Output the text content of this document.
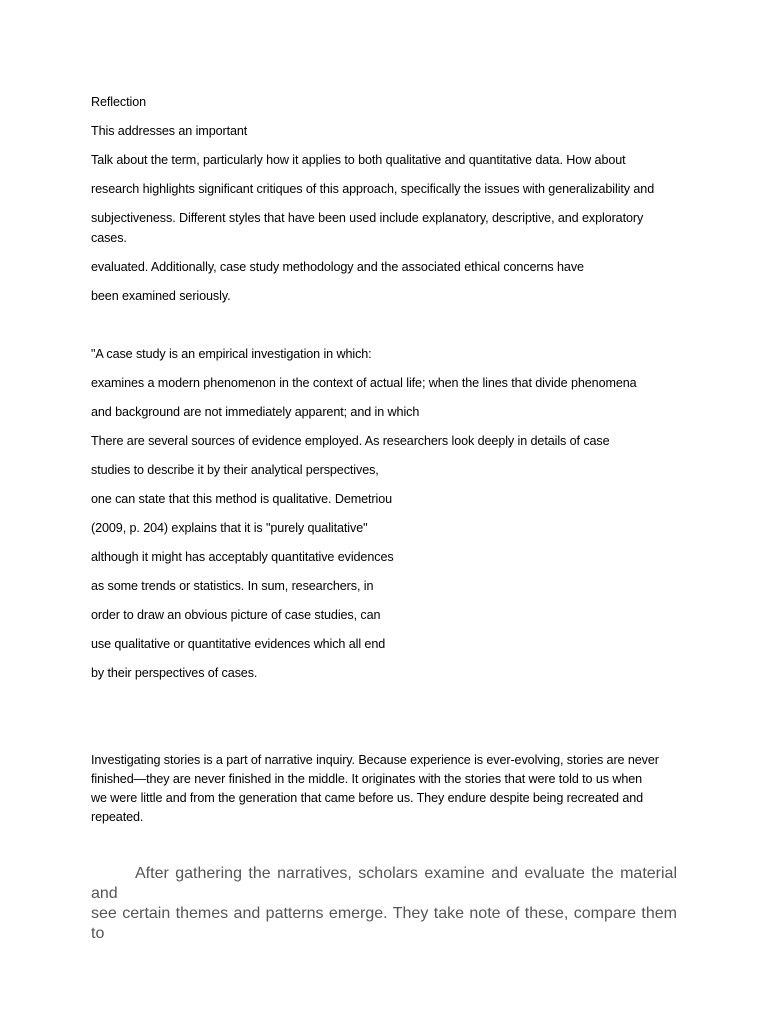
Reflection
This addresses an important
Talk about the term, particularly how it applies to both qualitative and quantitative data. How about
research highlights significant critiques of this approach, specifically the issues with generalizability and
subjectiveness. Different styles that have been used include explanatory, descriptive, and exploratory
cases.
evaluated. Additionally, case study methodology and the associated ethical concerns have
been examined seriously.
"A case study is an empirical investigation in which:
examines a modern phenomenon in the context of actual life; when the lines that divide phenomena
and background are not immediately apparent; and in which
There are several sources of evidence employed. As researchers look deeply in details of case
studies to describe it by their analytical perspectives,
one can state that this method is qualitative. Demetriou
(2009, p. 204) explains that it is "purely qualitative"
although it might has acceptably quantitative evidences
as some trends or statistics. In sum, researchers, in
order to draw an obvious picture of case studies, can
use qualitative or quantitative evidences which all end
by their perspectives of cases.
Investigating stories is a part of narrative inquiry. Because experience is ever-evolving, stories are never
finished—they are never finished in the middle. It originates with the stories that were told to us when
we were little and from the generation that came before us. They endure despite being recreated and
repeated.
After gathering the narratives, scholars examine and evaluate the material and
see certain themes and patterns emerge. They take note of these, compare them to
